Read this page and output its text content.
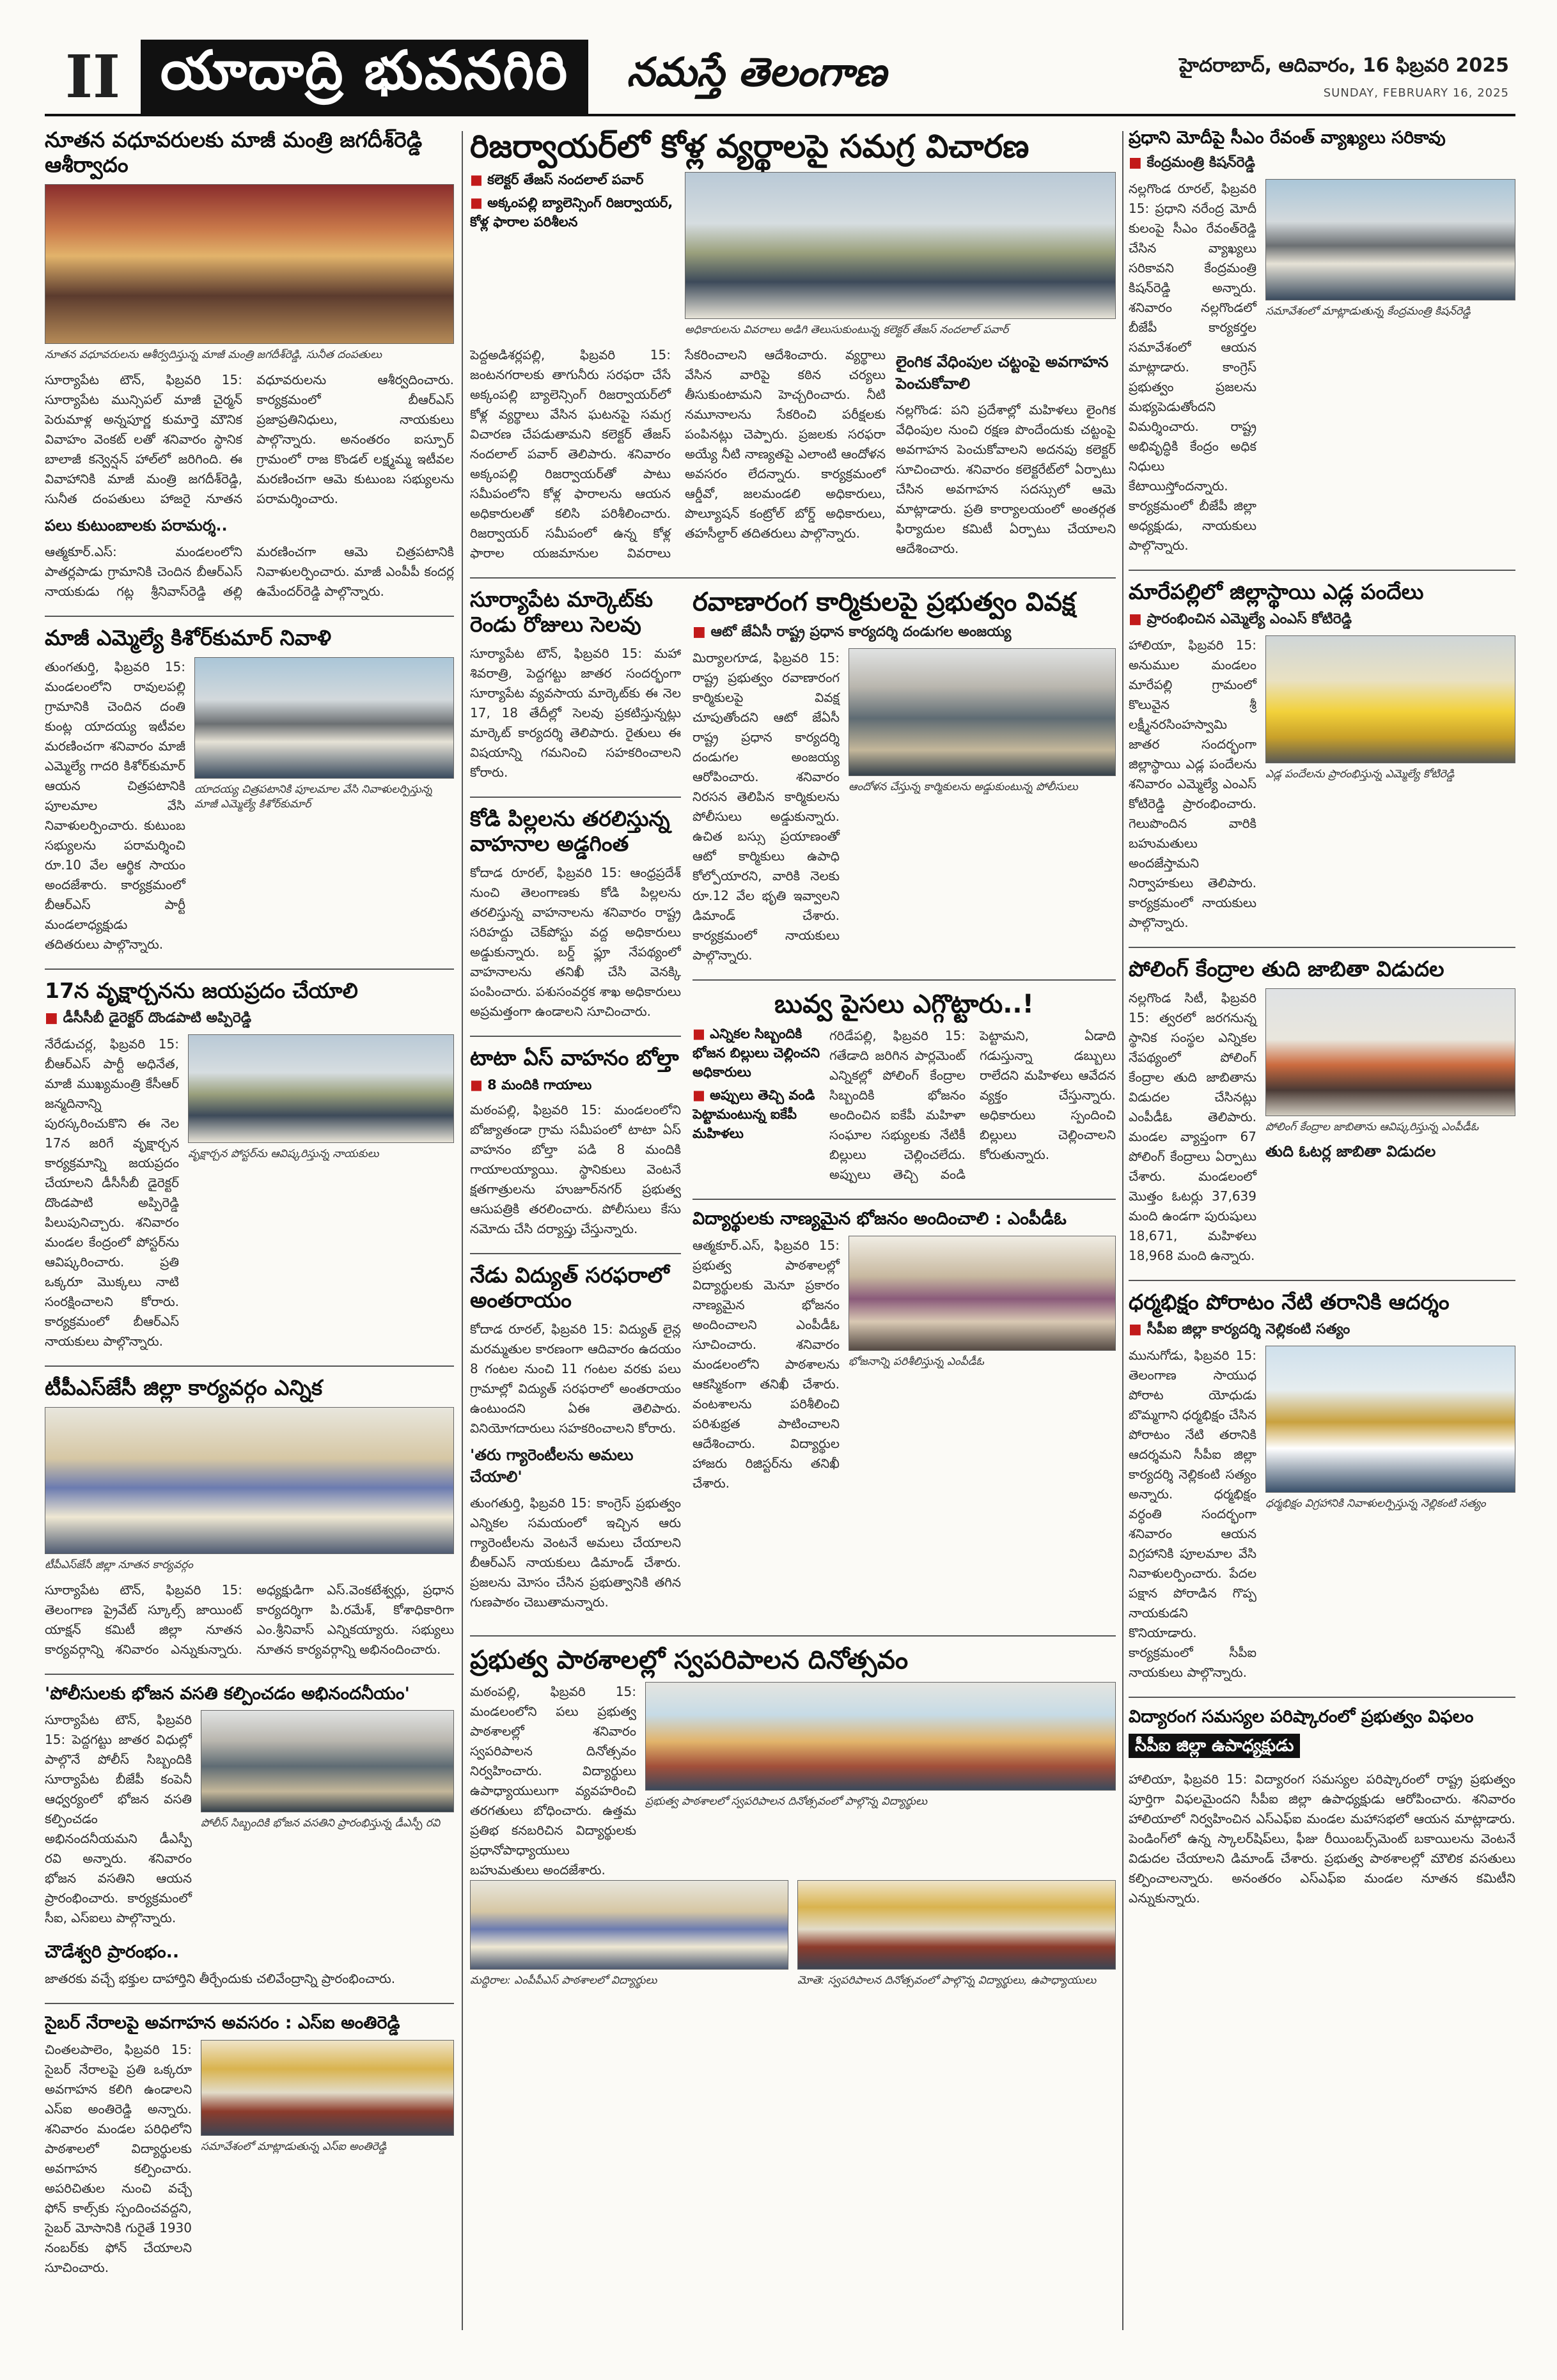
II యాదాద్రి భువనగిరి	నమస్తే తెలంగాణ	హైదరాబాద్, ఆదివారం, 16 ఫిబ్రవరి 2025
SUNDAY, FEBRUARY 16, 2025
నూతన వధూవరులకు మాజీ మంత్రి జగదీశ్‌రెడ్డి ఆశీర్వాదం
నూతన వధూవరులను ఆశీర్వదిస్తున్న మాజీ మంత్రి జగదీశ్‌రెడ్డి, సునీత దంపతులు
సూర్యాపేట టౌన్, ఫిబ్రవరి 15: సూర్యాపేట మున్సిపల్ మాజీ చైర్మన్ పెరుమాళ్ల అన్నపూర్ణ కుమార్తె మౌనిక వివాహం వెంకట్ లతో శనివారం స్థానిక బాలాజీ కన్వెన్షన్ హాల్‌లో జరిగింది. ఈ వివాహానికి మాజీ మంత్రి జగదీశ్‌రెడ్డి, సునీత దంపతులు హాజరై నూతన వధూవరులను ఆశీర్వదించారు. కార్యక్రమంలో బీఆర్‌ఎస్ ప్రజాప్రతినిధులు, నాయకులు పాల్గొన్నారు. అనంతరం ఐస్పూర్ గ్రామంలో రాజ కొండల్ లక్ష్మమ్మ ఇటీవల మరణించగా ఆమె కుటుంబ సభ్యులను పరామర్శించారు.
పలు కుటుంబాలకు పరామర్శ..
ఆత్మకూర్.ఎస్: మండలంలోని పాతర్లపాడు గ్రామానికి చెందిన బీఆర్‌ఎస్ నాయకుడు గట్ల శ్రీనివాస్‌రెడ్డి తల్లి మరణించగా ఆమె చిత్రపటానికి నివాళులర్పించారు. మాజీ ఎంపీపీ కందర్ల ఉమేందర్‌రెడ్డి పాల్గొన్నారు.
మాజీ ఎమ్మెల్యే కిశోర్‌కుమార్ నివాళి
తుంగతుర్తి, ఫిబ్రవరి 15: మండలంలోని రావులపల్లి గ్రామానికి చెందిన దంతి కుంట్ల యాదయ్య ఇటీవల మరణించగా శనివారం మాజీ ఎమ్మెల్యే గాదరి కిశోర్‌కుమార్ ఆయన చిత్రపటానికి పూలమాల వేసి నివాళులర్పించారు. కుటుంబ సభ్యులను పరామర్శించి రూ.10 వేల ఆర్థిక సాయం అందజేశారు. కార్యక్రమంలో బీఆర్‌ఎస్ పార్టీ మండలాధ్యక్షుడు తదితరులు పాల్గొన్నారు.
యాదయ్య చిత్రపటానికి పూలమాల వేసి నివాళులర్పిస్తున్న మాజీ ఎమ్మెల్యే కిశోర్‌కుమార్
17న వృక్షార్చనను జయప్రదం చేయాలి
■ డీసీసీబీ డైరెక్టర్ దొండపాటి అప్పిరెడ్డి
నేరేడుచర్ల, ఫిబ్రవరి 15: బీఆర్‌ఎస్ పార్టీ అధినేత, మాజీ ముఖ్యమంత్రి కేసీఆర్ జన్మదినాన్ని పురస్కరించుకొని ఈ నెల 17న జరిగే వృక్షార్చన కార్యక్రమాన్ని జయప్రదం చేయాలని డీసీసీబీ డైరెక్టర్ దొండపాటి అప్పిరెడ్డి పిలుపునిచ్చారు. శనివారం మండల కేంద్రంలో పోస్టర్‌ను ఆవిష్కరించారు. ప్రతి ఒక్కరూ మొక్కలు నాటి సంరక్షించాలని కోరారు. కార్యక్రమంలో బీఆర్‌ఎస్ నాయకులు పాల్గొన్నారు.
వృక్షార్చన పోస్టర్‌ను ఆవిష్కరిస్తున్న నాయకులు
టీపీఎస్‌జేసీ జిల్లా కార్యవర్గం ఎన్నిక
టీపీఎస్‌జేసీ జిల్లా నూతన కార్యవర్గం
సూర్యాపేట టౌన్, ఫిబ్రవరి 15: తెలంగాణ ప్రైవేట్ స్కూల్స్ జాయింట్ యాక్షన్ కమిటీ జిల్లా నూతన కార్యవర్గాన్ని శనివారం ఎన్నుకున్నారు. అధ్యక్షుడిగా ఎస్.వెంకటేశ్వర్లు, ప్రధాన కార్యదర్శిగా పి.రమేశ్, కోశాధికారిగా ఎం.శ్రీనివాస్ ఎన్నికయ్యారు. సభ్యులు నూతన కార్యవర్గాన్ని అభినందించారు.
'పోలీసులకు భోజన వసతి కల్పించడం అభినందనీయం'
సూర్యాపేట టౌన్, ఫిబ్రవరి 15: పెద్దగట్టు జాతర విధుల్లో పాల్గొనే పోలీస్ సిబ్బందికి సూర్యాపేట బీజేపీ కంపెనీ ఆధ్వర్యంలో భోజన వసతి కల్పించడం అభినందనీయమని డీఎస్పీ రవి అన్నారు. శనివారం భోజన వసతిని ఆయన ప్రారంభించారు. కార్యక్రమంలో సీఐ, ఎస్‌ఐలు పాల్గొన్నారు.
పోలీస్ సిబ్బందికి భోజన వసతిని ప్రారంభిస్తున్న డీఎస్పీ రవి
చౌడేశ్వరి ప్రారంభం..
జాతరకు వచ్చే భక్తుల దాహార్తిని తీర్చేందుకు చలివేంద్రాన్ని ప్రారంభించారు.
సైబర్ నేరాలపై అవగాహన అవసరం : ఎస్‌ఐ అంతిరెడ్డి
చింతలపాలెం, ఫిబ్రవరి 15: సైబర్ నేరాలపై ప్రతి ఒక్కరూ అవగాహన కలిగి ఉండాలని ఎస్‌ఐ అంతిరెడ్డి అన్నారు. శనివారం మండల పరిధిలోని పాఠశాలలో విద్యార్థులకు అవగాహన కల్పించారు. అపరిచితుల నుంచి వచ్చే ఫోన్ కాల్స్‌కు స్పందించవద్దని, సైబర్ మోసానికి గురైతే 1930 నంబర్‌కు ఫోన్ చేయాలని సూచించారు.
సమావేశంలో మాట్లాడుతున్న ఎస్‌ఐ అంతిరెడ్డి
రిజర్వాయర్‌లో కోళ్ల వ్యర్థాలపై సమగ్ర విచారణ
■ కలెక్టర్ తేజస్ నందలాల్ పవార్
■ అక్కంపల్లి బ్యాలెన్సింగ్ రిజర్వాయర్, కోళ్ల ఫారాల పరిశీలన
అధికారులను వివరాలు అడిగి తెలుసుకుంటున్న కలెక్టర్ తేజస్ నందలాల్ పవార్
పెద్దఅడిశర్లపల్లి, ఫిబ్రవరి 15: జంటనగరాలకు తాగునీరు సరఫరా చేసే అక్కంపల్లి బ్యాలెన్సింగ్ రిజర్వాయర్‌లో కోళ్ల వ్యర్థాలు వేసిన ఘటనపై సమగ్ర విచారణ చేపడుతామని కలెక్టర్ తేజస్ నందలాల్ పవార్ తెలిపారు. శనివారం అక్కంపల్లి రిజర్వాయర్‌తో పాటు సమీపంలోని కోళ్ల ఫారాలను ఆయన అధికారులతో కలిసి పరిశీలించారు. రిజర్వాయర్ సమీపంలో ఉన్న కోళ్ల ఫారాల యజమానుల వివరాలు సేకరించాలని ఆదేశించారు. వ్యర్థాలు వేసిన వారిపై కఠిన చర్యలు తీసుకుంటామని హెచ్చరించారు. నీటి నమూనాలను సేకరించి పరీక్షలకు పంపినట్లు చెప్పారు. ప్రజలకు సరఫరా అయ్యే నీటి నాణ్యతపై ఎలాంటి ఆందోళన అవసరం లేదన్నారు. కార్యక్రమంలో ఆర్డీవో, జలమండలి అధికారులు, పొల్యూషన్ కంట్రోల్ బోర్డ్ అధికారులు, తహసీల్దార్ తదితరులు పాల్గొన్నారు.
లైంగిక వేధింపుల చట్టంపై అవగాహన పెంచుకోవాలి
నల్లగొండ: పని ప్రదేశాల్లో మహిళలు లైంగిక వేధింపుల నుంచి రక్షణ పొందేందుకు చట్టంపై అవగాహన పెంచుకోవాలని అదనపు కలెక్టర్ సూచించారు. శనివారం కలెక్టరేట్‌లో ఏర్పాటు చేసిన అవగాహన సదస్సులో ఆమె మాట్లాడారు. ప్రతి కార్యాలయంలో అంతర్గత ఫిర్యాదుల కమిటీ ఏర్పాటు చేయాలని ఆదేశించారు.
సూర్యాపేట మార్కెట్‌కు రెండు రోజులు సెలవు
సూర్యాపేట టౌన్, ఫిబ్రవరి 15: మహా శివరాత్రి, పెద్దగట్టు జాతర సందర్భంగా సూర్యాపేట వ్యవసాయ మార్కెట్‌కు ఈ నెల 17, 18 తేదీల్లో సెలవు ప్రకటిస్తున్నట్లు మార్కెట్ కార్యదర్శి తెలిపారు. రైతులు ఈ విషయాన్ని గమనించి సహకరించాలని కోరారు.
కోడి పిల్లలను తరలిస్తున్న వాహనాల అడ్డగింత
కోదాడ రూరల్, ఫిబ్రవరి 15: ఆంధ్రప్రదేశ్ నుంచి తెలంగాణకు కోడి పిల్లలను తరలిస్తున్న వాహనాలను శనివారం రాష్ట్ర సరిహద్దు చెక్‌పోస్టు వద్ద అధికారులు అడ్డుకున్నారు. బర్డ్ ఫ్లూ నేపథ్యంలో వాహనాలను తనిఖీ చేసి వెనక్కి పంపించారు. పశుసంవర్ధక శాఖ అధికారులు అప్రమత్తంగా ఉండాలని సూచించారు.
టాటా ఏస్ వాహనం బోల్తా
■ 8 మందికి గాయాలు
మఠంపల్లి, ఫిబ్రవరి 15: మండలంలోని బోజ్యాతండా గ్రామ సమీపంలో టాటా ఏస్ వాహనం బోల్తా పడి 8 మందికి గాయాలయ్యాయి. స్థానికులు వెంటనే క్షతగాత్రులను హుజూర్‌నగర్ ప్రభుత్వ ఆసుపత్రికి తరలించారు. పోలీసులు కేసు నమోదు చేసి దర్యాప్తు చేస్తున్నారు.
నేడు విద్యుత్ సరఫరాలో అంతరాయం
కోదాడ రూరల్, ఫిబ్రవరి 15: విద్యుత్ లైన్ల మరమ్మతుల కారణంగా ఆదివారం ఉదయం 8 గంటల నుంచి 11 గంటల వరకు పలు గ్రామాల్లో విద్యుత్ సరఫరాలో అంతరాయం ఉంటుందని ఏఈ తెలిపారు. వినియోగదారులు సహకరించాలని కోరారు.
'తరు గ్యారెంటీలను అమలు చేయాలి'
తుంగతుర్తి, ఫిబ్రవరి 15: కాంగ్రెస్ ప్రభుత్వం ఎన్నికల సమయంలో ఇచ్చిన ఆరు గ్యారెంటీలను వెంటనే అమలు చేయాలని బీఆర్‌ఎస్ నాయకులు డిమాండ్ చేశారు. ప్రజలను మోసం చేసిన ప్రభుత్వానికి తగిన గుణపాఠం చెబుతామన్నారు.
రవాణారంగ కార్మికులపై ప్రభుత్వం వివక్ష
■ ఆటో జేఏసీ రాష్ట్ర ప్రధాన కార్యదర్శి దండుగల అంజయ్య
మిర్యాలగూడ, ఫిబ్రవరి 15: రాష్ట్ర ప్రభుత్వం రవాణారంగ కార్మికులపై వివక్ష చూపుతోందని ఆటో జేఏసీ రాష్ట్ర ప్రధాన కార్యదర్శి దండుగల అంజయ్య ఆరోపించారు. శనివారం నిరసన తెలిపిన కార్మికులను పోలీసులు అడ్డుకున్నారు. ఉచిత బస్సు ప్రయాణంతో ఆటో కార్మికులు ఉపాధి కోల్పోయారని, వారికి నెలకు రూ.12 వేల భృతి ఇవ్వాలని డిమాండ్ చేశారు. కార్యక్రమంలో నాయకులు పాల్గొన్నారు.
ఆందోళన చేస్తున్న కార్మికులను అడ్డుకుంటున్న పోలీసులు
బువ్వ పైసలు ఎగ్గొట్టారు..!
■ ఎన్నికల సిబ్బందికి భోజన బిల్లులు చెల్లించని అధికారులు
■ అప్పులు తెచ్చి వండి పెట్టామంటున్న ఐకేపీ మహిళలు
గరిడేపల్లి, ఫిబ్రవరి 15: గతేడాది జరిగిన పార్లమెంట్ ఎన్నికల్లో పోలింగ్ కేంద్రాల సిబ్బందికి భోజనం అందించిన ఐకేపీ మహిళా సంఘాల సభ్యులకు నేటికీ బిల్లులు చెల్లించలేదు. అప్పులు తెచ్చి వండి పెట్టామని, ఏడాది గడుస్తున్నా డబ్బులు రాలేదని మహిళలు ఆవేదన వ్యక్తం చేస్తున్నారు. అధికారులు స్పందించి బిల్లులు చెల్లించాలని కోరుతున్నారు.
విద్యార్థులకు నాణ్యమైన భోజనం అందించాలి : ఎంపీడీఓ
ఆత్మకూర్.ఎస్, ఫిబ్రవరి 15: ప్రభుత్వ పాఠశాలల్లో విద్యార్థులకు మెనూ ప్రకారం నాణ్యమైన భోజనం అందించాలని ఎంపీడీఓ సూచించారు. శనివారం మండలంలోని పాఠశాలను ఆకస్మికంగా తనిఖీ చేశారు. వంటశాలను పరిశీలించి పరిశుభ్రత పాటించాలని ఆదేశించారు. విద్యార్థుల హాజరు రిజిస్టర్‌ను తనిఖీ చేశారు.
భోజనాన్ని పరిశీలిస్తున్న ఎంపీడీఓ
ప్రభుత్వ పాఠశాలల్లో స్వపరిపాలన దినోత్సవం
మఠంపల్లి, ఫిబ్రవరి 15: మండలంలోని పలు ప్రభుత్వ పాఠశాలల్లో శనివారం స్వపరిపాలన దినోత్సవం నిర్వహించారు. విద్యార్థులు ఉపాధ్యాయులుగా వ్యవహరించి తరగతులు బోధించారు. ఉత్తమ ప్రతిభ కనబరిచిన విద్యార్థులకు ప్రధానోపాధ్యాయులు బహుమతులు అందజేశారు.
ప్రభుత్వ పాఠశాలలో స్వపరిపాలన దినోత్సవంలో పాల్గొన్న విద్యార్థులు
మద్దిరాల: ఎంపీపీఎస్ పాఠశాలలో విద్యార్థులు	మోతె: స్వపరిపాలన దినోత్సవంలో పాల్గొన్న విద్యార్థులు, ఉపాధ్యాయులు
ప్రధాని మోదీపై సీఎం రేవంత్ వ్యాఖ్యలు సరికావు
■ కేంద్రమంత్రి కిషన్‌రెడ్డి
నల్లగొండ రూరల్, ఫిబ్రవరి 15: ప్రధాని నరేంద్ర మోదీ కులంపై సీఎం రేవంత్‌రెడ్డి చేసిన వ్యాఖ్యలు సరికావని కేంద్రమంత్రి కిషన్‌రెడ్డి అన్నారు. శనివారం నల్లగొండలో బీజేపీ కార్యకర్తల సమావేశంలో ఆయన మాట్లాడారు. కాంగ్రెస్ ప్రభుత్వం ప్రజలను మభ్యపెడుతోందని విమర్శించారు. రాష్ట్ర అభివృద్ధికి కేంద్రం అధిక నిధులు కేటాయిస్తోందన్నారు. కార్యక్రమంలో బీజేపీ జిల్లా అధ్యక్షుడు, నాయకులు పాల్గొన్నారు.
సమావేశంలో మాట్లాడుతున్న కేంద్రమంత్రి కిషన్‌రెడ్డి
మారేపల్లిలో జిల్లాస్థాయి ఎడ్ల పందేలు
■ ప్రారంభించిన ఎమ్మెల్యే ఎంఎస్ కోటిరెడ్డి
హాలియా, ఫిబ్రవరి 15: అనుముల మండలం మారేపల్లి గ్రామంలో కొలువైన శ్రీ లక్ష్మీనరసింహస్వామి జాతర సందర్భంగా జిల్లాస్థాయి ఎడ్ల పందేలను శనివారం ఎమ్మెల్యే ఎంఎస్ కోటిరెడ్డి ప్రారంభించారు. గెలుపొందిన వారికి బహుమతులు అందజేస్తామని నిర్వాహకులు తెలిపారు. కార్యక్రమంలో నాయకులు పాల్గొన్నారు.
ఎడ్ల పందేలను ప్రారంభిస్తున్న ఎమ్మెల్యే కోటిరెడ్డి
పోలింగ్ కేంద్రాల తుది జాబితా విడుదల
నల్లగొండ సిటీ, ఫిబ్రవరి 15: త్వరలో జరగనున్న స్థానిక సంస్థల ఎన్నికల నేపథ్యంలో పోలింగ్ కేంద్రాల తుది జాబితాను విడుదల చేసినట్లు ఎంపీడీఓ తెలిపారు. మండల వ్యాప్తంగా 67 పోలింగ్ కేంద్రాలు ఏర్పాటు చేశారు. మండలంలో మొత్తం ఓటర్లు 37,639 మంది ఉండగా పురుషులు 18,671, మహిళలు 18,968 మంది ఉన్నారు.
పోలింగ్ కేంద్రాల జాబితాను ఆవిష్కరిస్తున్న ఎంపీడీఓ
తుది ఓటర్ల జాబితా విడుదల
ధర్మభిక్షం పోరాటం నేటి తరానికి ఆదర్శం
■ సీపీఐ జిల్లా కార్యదర్శి నెల్లికంటి సత్యం
మునుగోడు, ఫిబ్రవరి 15: తెలంగాణ సాయుధ పోరాట యోధుడు బొమ్మగాని ధర్మభిక్షం చేసిన పోరాటం నేటి తరానికి ఆదర్శమని సీపీఐ జిల్లా కార్యదర్శి నెల్లికంటి సత్యం అన్నారు. ధర్మభిక్షం వర్ధంతి సందర్భంగా శనివారం ఆయన విగ్రహానికి పూలమాల వేసి నివాళులర్పించారు. పేదల పక్షాన పోరాడిన గొప్ప నాయకుడని కొనియాడారు. కార్యక్రమంలో సీపీఐ నాయకులు పాల్గొన్నారు.
ధర్మభిక్షం విగ్రహానికి నివాళులర్పిస్తున్న నెల్లికంటి సత్యం
విద్యారంగ సమస్యల పరిష్కారంలో ప్రభుత్వం విఫలం
సీపీఐ జిల్లా ఉపాధ్యక్షుడు
హాలియా, ఫిబ్రవరి 15: విద్యారంగ సమస్యల పరిష్కారంలో రాష్ట్ర ప్రభుత్వం పూర్తిగా విఫలమైందని సీపీఐ జిల్లా ఉపాధ్యక్షుడు ఆరోపించారు. శనివారం హాలియాలో నిర్వహించిన ఎస్‌ఎఫ్‌ఐ మండల మహాసభలో ఆయన మాట్లాడారు. పెండింగ్‌లో ఉన్న స్కాలర్‌షిప్‌లు, ఫీజు రీయింబర్స్‌మెంట్ బకాయిలను వెంటనే విడుదల చేయాలని డిమాండ్ చేశారు. ప్రభుత్వ పాఠశాలల్లో మౌలిక వసతులు కల్పించాలన్నారు. అనంతరం ఎస్‌ఎఫ్‌ఐ మండల నూతన కమిటీని ఎన్నుకున్నారు.
